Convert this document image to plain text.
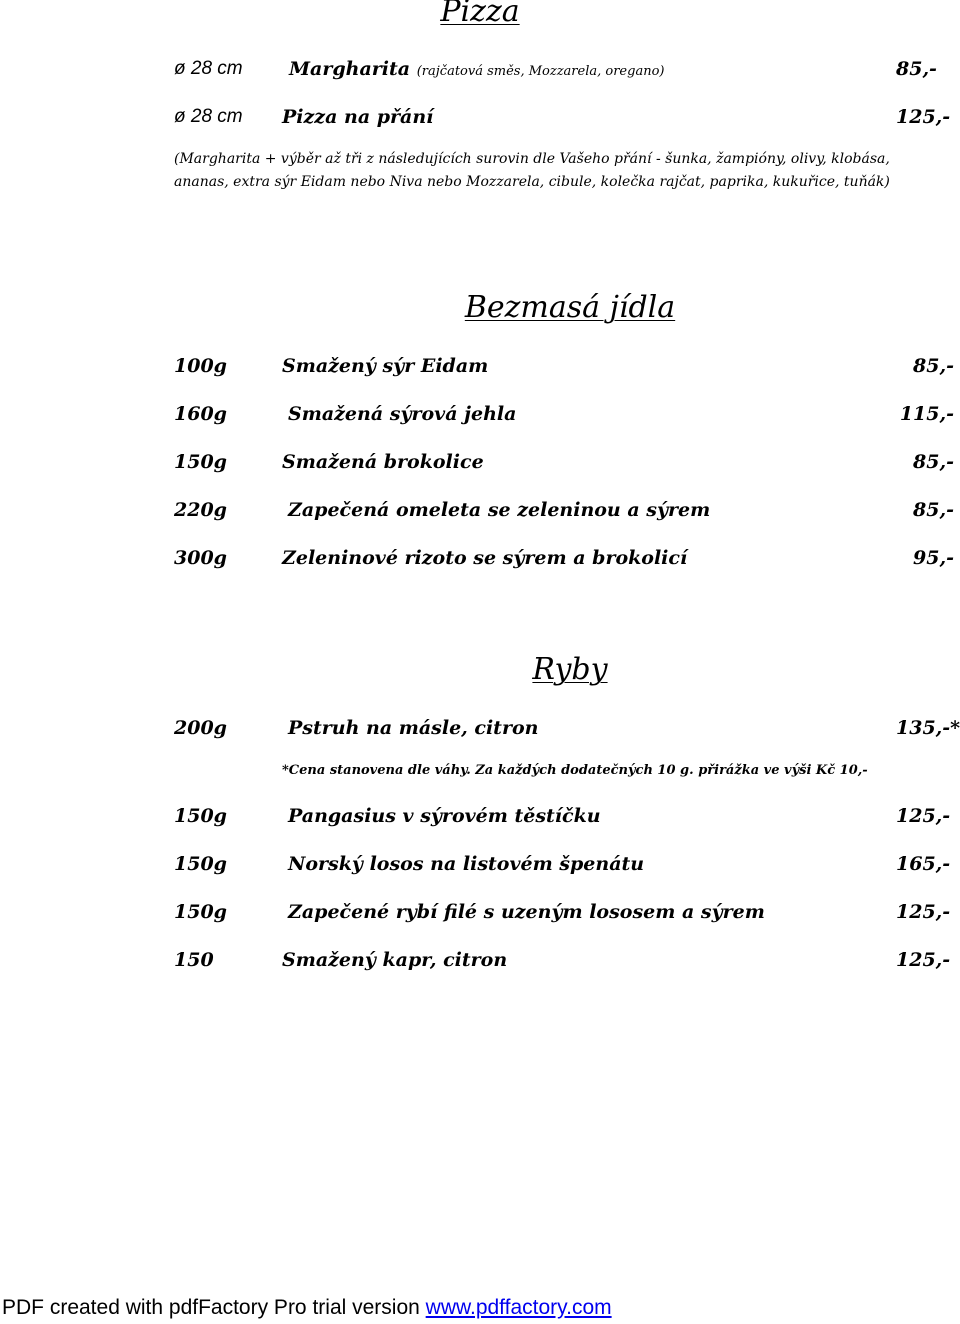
Pizza
ø 28 cm Margharita (rajčatová směs, Mozzarela, oregano)	85,-
ø 28 cm Pizza na přání	125,-
(Margharita + výběr až tři z následujících surovin dle Vašeho přání - šunka, žampióny, olivy, klobása,
ananas, extra sýr Eidam nebo Niva nebo Mozzarela, cibule, kolečka rajčat, paprika, kukuřice, tuňák)
Bezmasá jídla
100g	Smažený sýr Eidam	85,-
160g	Smažená sýrová jehla	115,-
150g	Smažená brokolice	85,-
220g	Zapečená omeleta se zeleninou a sýrem	85,-
300g	Zeleninové rizoto se sýrem a brokolicí	95,-
Ryby
200g	Pstruh na másle, citron	135,-*
*Cena stanovena dle váhy. Za každých dodatečných 10 g. přirážka ve výši Kč 10,-
150g	Pangasius v sýrovém těstíčku	125,-
150g	Norský losos na listovém špenátu	165,-
150g	Zapečené rybí filé s uzeným lososem a sýrem	125,-
150	Smažený kapr, citron	125,-
PDF created with pdfFactory Pro trial version www.pdffactory.com
